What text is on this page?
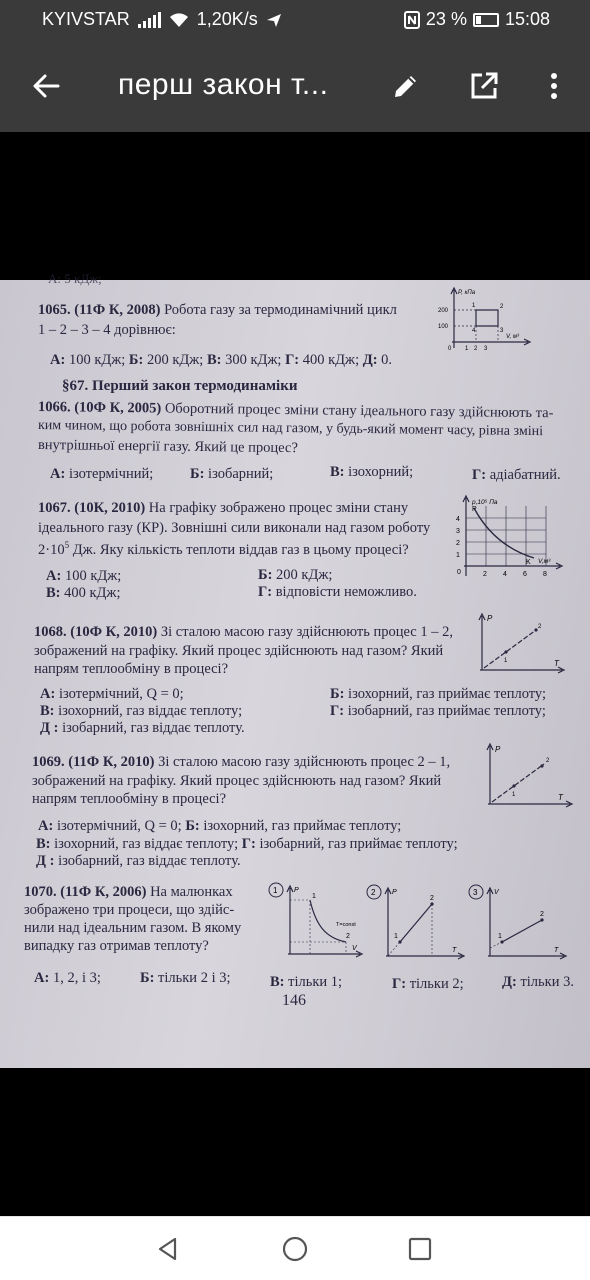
KYIVSTAR	1,20K/s	23 % 15:08
перш закон т...
А: 5 кДж;
1065. (11Ф К, 2008) Робота газу за термодинамічний цикл
1 – 2 – 3 – 4 дорівнює:
А: 100 кДж; Б: 200 кДж; В: 300 кДж; Г: 400 кДж; Д: 0.
P, кПа
V, м³
200
100
0 1 2 3
1	2
3
4
§67. Перший закон термодинаміки
1066. (10Ф К, 2005) Оборотний процес зміни стану ідеального газу здійснюють та-
ким чином, що робота зовнішніх сил над газом, у будь-який момент часу, рівна зміні
внутрішньої енергії газу. Який це процес?
А: ізотермічний;	Б: ізобарний;	В: ізохорний;	Г: адіабатний.
1067. (10К, 2010) На графіку зображено процес зміни стану
ідеального газу (КР). Зовнішні сили виконали над газом роботу
$2\cdot 10^5$ Дж. Яку кількість теплоти віддав газ в цьому процесі?
А: 100 кДж;	Б: 200 кДж;
В: 400 кДж;	Г: відповісти неможливо.
p,10⁵ Па
V,м³
4
3
2
1
0	2 4 6 8
P
K
1068. (10Ф К, 2010) Зі сталою масою газу здійснюють процес 1 – 2,
зображений на графіку. Який процес здійснюють над газом? Який
напрям теплообміну в процесі?
А: ізотермічний, Q = 0;	Б: ізохорний, газ приймає теплоту;
В: ізохорний, газ віддає теплоту;	Г: ізобарний, газ приймає теплоту;
Д : ізобарний, газ віддає теплоту.
P
T
1
2
1069. (11Ф К, 2010) Зі сталою масою газу здійснюють процес 2 – 1,
зображений на графіку. Який процес здійснюють над газом? Який
напрям теплообміну в процесі?
А: ізотермічний, Q = 0; Б: ізохорний, газ приймає теплоту;
В: ізохорний, газ віддає теплоту; Г: ізобарний, газ приймає теплоту;
Д : ізобарний, газ віддає теплоту.
P
T
1
2
1070. (11Ф К, 2006) На малюнках
зображено три процеси, що здійс-
нили над ідеальним газом. В якому
випадку газ отримав теплоту?
1 P
V
1
2
T=const
2 P
T
1
2
3 V
T
1
2
А: 1, 2, і 3;	Б: тільки 2 і 3;	В: тільки 1;	Г: тільки 2;	Д: тільки 3.
146
